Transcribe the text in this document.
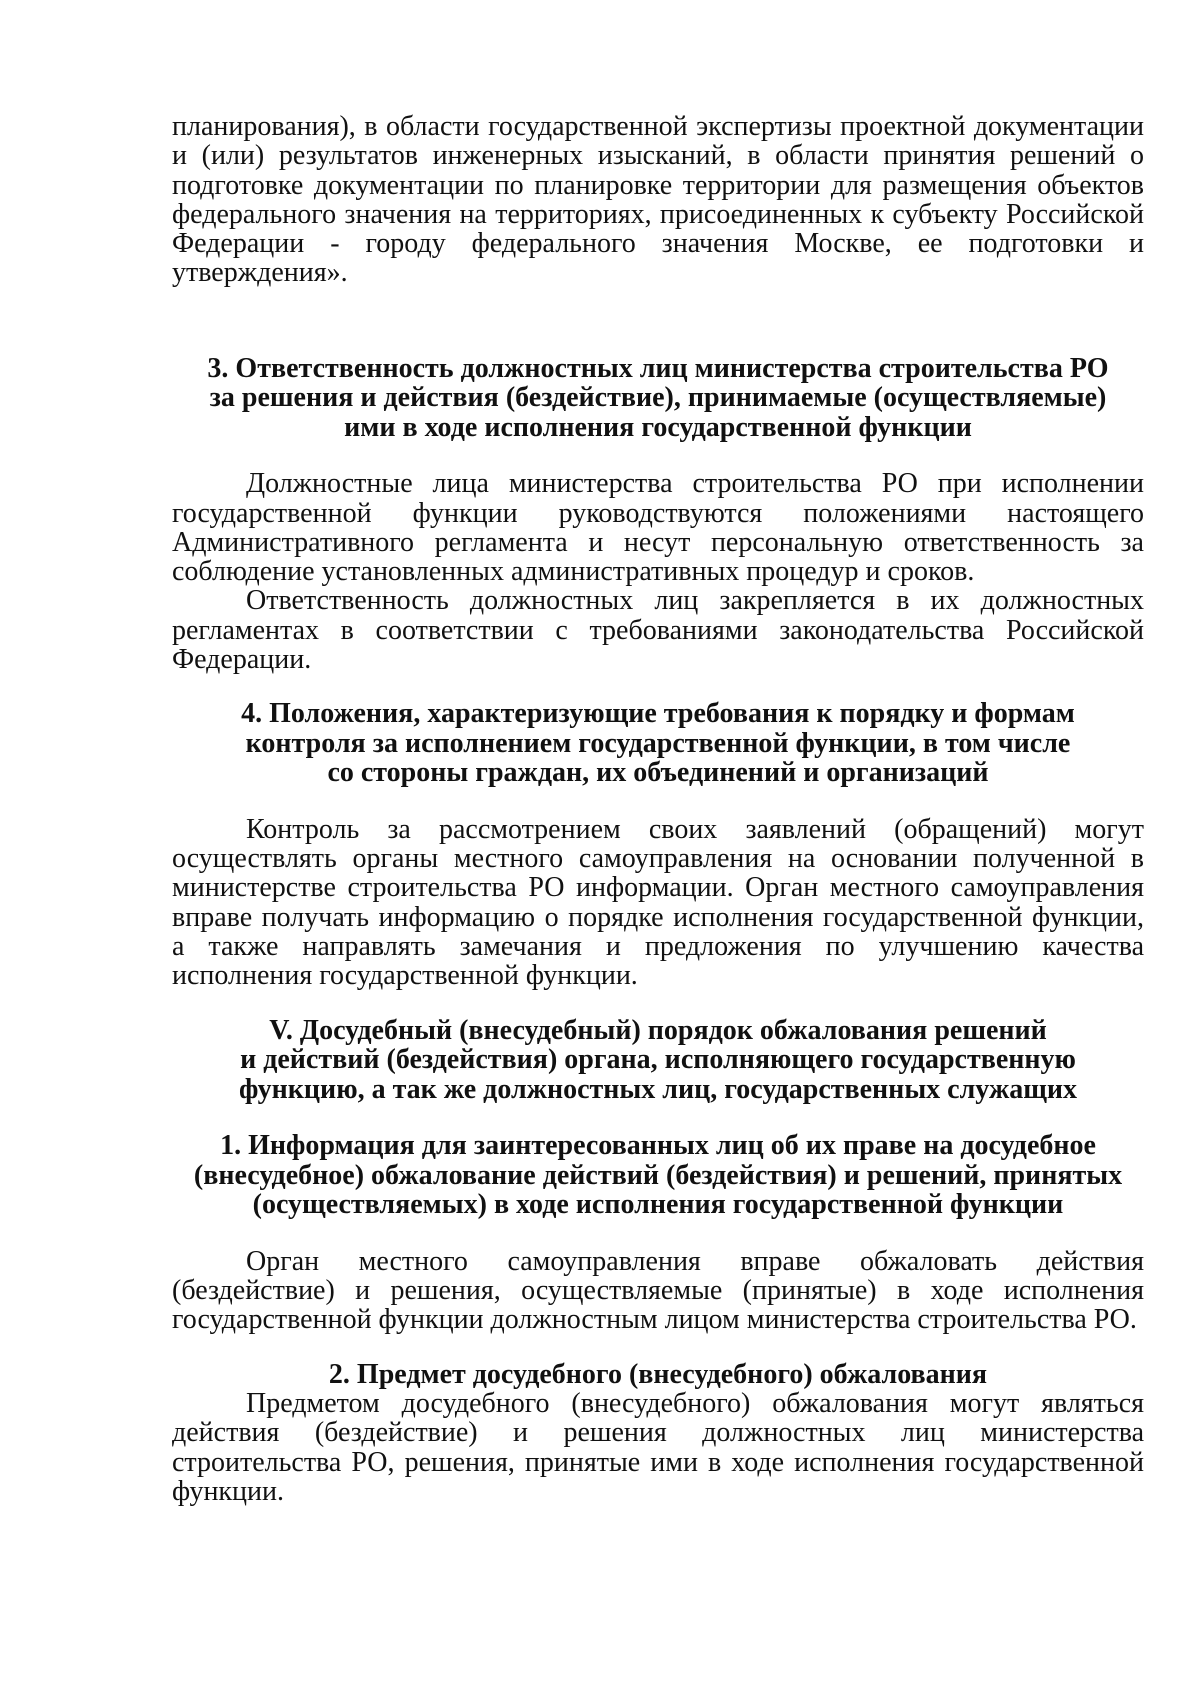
планирования), в области государственной экспертизы проектной документации и (или) результатов инженерных изысканий, в области принятия решений о подготовке документации по планировке территории для размещения объектов федерального значения на территориях, присоединенных к субъекту Российской Федерации - городу федерального значения Москве, ее подготовки и утверждения».

3. Ответственность должностных лиц министерства строительства РО
за решения и действия (бездействие), принимаемые (осуществляемые)
ими в ходе исполнения государственной функции

Должностные лица министерства строительства РО при исполнении государственной функции руководствуются положениями настоящего Административного регламента и несут персональную ответственность за соблюдение установленных административных процедур и сроков.

Ответственность должностных лиц закрепляется в их должностных регламентах в соответствии с требованиями законодательства Российской Федерации.

4. Положения, характеризующие требования к порядку и формам
контроля за исполнением государственной функции, в том числе
со стороны граждан, их объединений и организаций

Контроль за рассмотрением своих заявлений (обращений) могут осуществлять органы местного самоуправления на основании полученной в министерстве строительства РО информации. Орган местного самоуправления вправе получать информацию о порядке исполнения государственной функции, а также направлять замечания и предложения по улучшению качества исполнения государственной функции.

V. Досудебный (внесудебный) порядок обжалования решений
и действий (бездействия) органа, исполняющего государственную
функцию, а так же должностных лиц, государственных служащих
1. Информация для заинтересованных лиц об их праве на досудебное
(внесудебное) обжалование действий (бездействия) и решений, принятых
(осуществляемых) в ходе исполнения государственной функции

Орган местного самоуправления вправе обжаловать действия (бездействие) и решения, осуществляемые (принятые) в ходе исполнения государственной функции должностным лицом министерства строительства РО.

2. Предмет досудебного (внесудебного) обжалования

Предметом досудебного (внесудебного) обжалования могут являться действия (бездействие) и решения должностных лиц министерства строительства РО, решения, принятые ими в ходе исполнения государственной функции.
